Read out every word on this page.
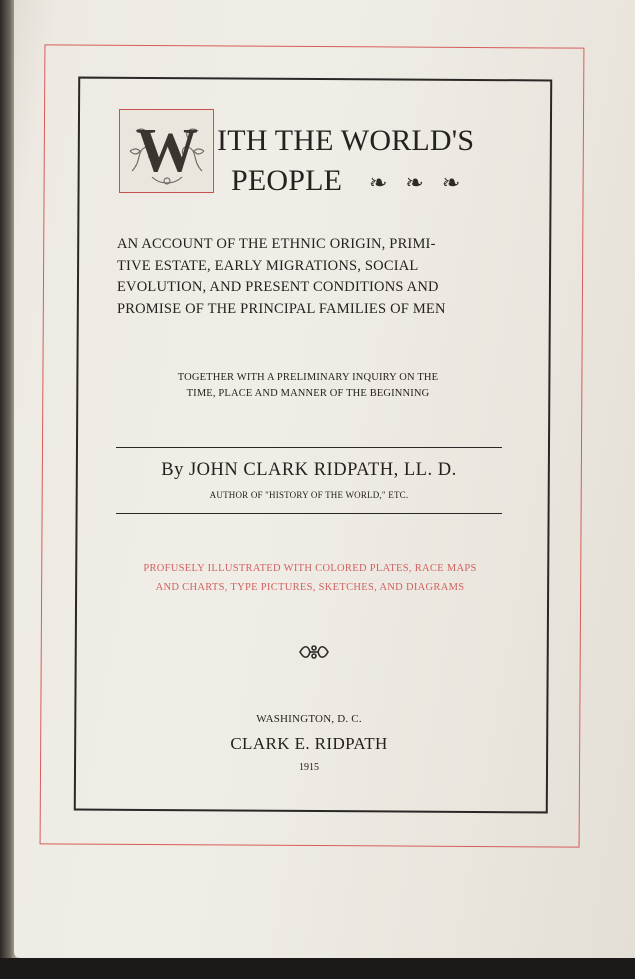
W ITH THE WORLD'S
PEOPLE ❧❧❧
AN ACCOUNT OF THE ETHNIC ORIGIN, PRIMI-
TIVE ESTATE, EARLY MIGRATIONS, SOCIAL
EVOLUTION, AND PRESENT CONDITIONS AND
PROMISE OF THE PRINCIPAL FAMILIES OF MEN
TOGETHER WITH A PRELIMINARY INQUIRY ON THE
TIME, PLACE AND MANNER OF THE BEGINNING
By JOHN CLARK RIDPATH, LL. D.
AUTHOR OF "HISTORY OF THE WORLD," ETC.
PROFUSELY ILLUSTRATED WITH COLORED PLATES, RACE MAPS
AND CHARTS, TYPE PICTURES, SKETCHES, AND DIAGRAMS
WASHINGTON, D. C.
CLARK E. RIDPATH
1915
